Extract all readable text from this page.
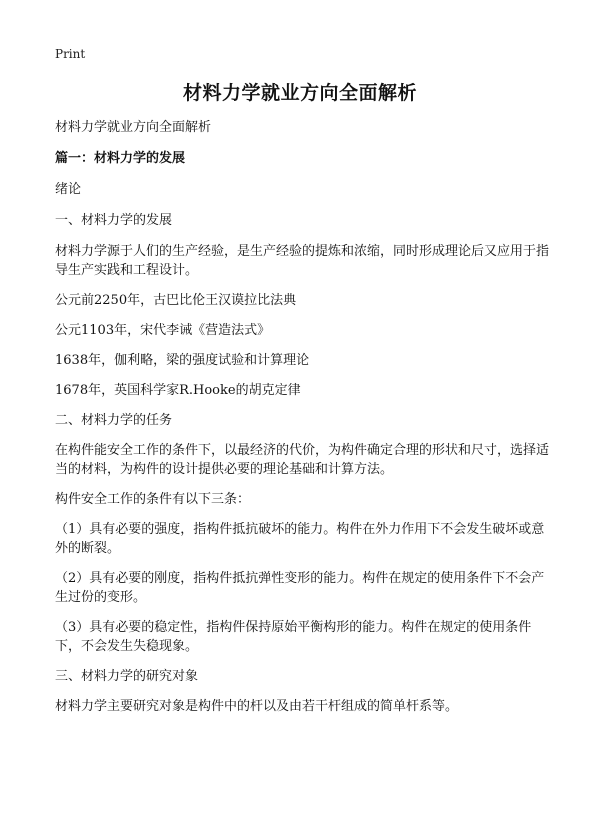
Print
材料力学就业方向全面解析

材料力学就业方向全面解析

篇一：材料力学的发展

绪论

一、材料力学的发展

材料力学源于人们的生产经验，是生产经验的提炼和浓缩，同时形成理论后又应用于指导生产实践和工程设计。

公元前2250年，古巴比伦王汉谟拉比法典

公元1103年，宋代李诫《营造法式》

1638年，伽利略，梁的强度试验和计算理论

1678年，英国科学家R.Hooke的胡克定律

二、材料力学的任务

在构件能安全工作的条件下，以最经济的代价，为构件确定合理的形状和尺寸，选择适当的材料，为构件的设计提供必要的理论基础和计算方法。

构件安全工作的条件有以下三条：

（1）具有必要的强度，指构件抵抗破坏的能力。构件在外力作用下不会发生破坏或意外的断裂。

（2）具有必要的刚度，指构件抵抗弹性变形的能力。构件在规定的使用条件下不会产生过份的变形。

（3）具有必要的稳定性，指构件保持原始平衡构形的能力。构件在规定的使用条件下，不会发生失稳现象。

三、材料力学的研究对象

材料力学主要研究对象是构件中的杆以及由若干杆组成的简单杆系等。
